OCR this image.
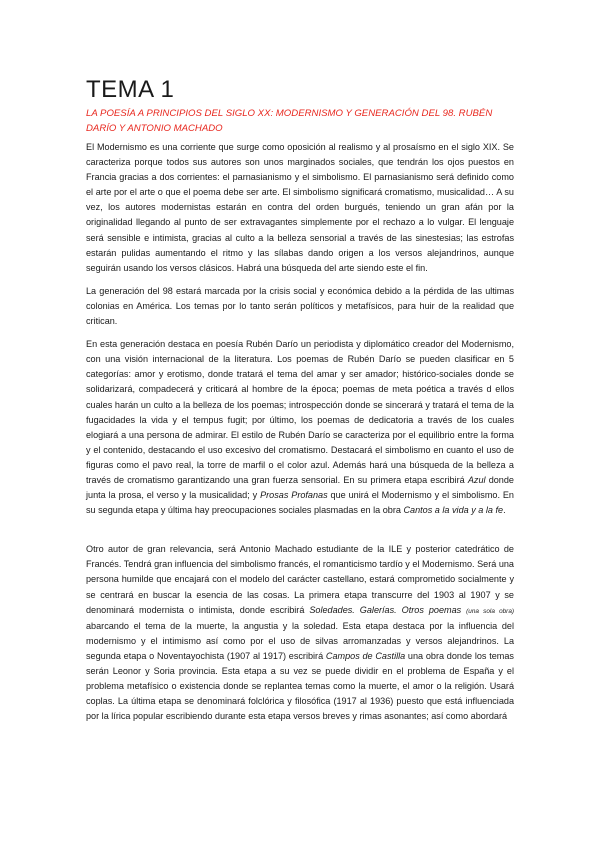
TEMA 1

LA POESÍA A PRINCIPIOS DEL SIGLO XX: MODERNISMO Y GENERACIÓN DEL 98. RUBÉN DARÍO Y ANTONIO MACHADO

El Modernismo es una corriente que surge como oposición al realismo y al prosaísmo en el siglo XIX. Se caracteriza porque todos sus autores son unos marginados sociales, que tendrán los ojos puestos en Francia gracias a dos corrientes: el parnasianismo y el simbolismo. El parnasianismo será definido como el arte por el arte o que el poema debe ser arte. El simbolismo significará cromatismo, musicalidad… A su vez, los autores modernistas estarán en contra del orden burgués, teniendo un gran afán por la originalidad llegando al punto de ser extravagantes simplemente por el rechazo a lo vulgar. El lenguaje será sensible e intimista, gracias al culto a la belleza sensorial a través de las sinestesias; las estrofas estarán pulidas aumentando el ritmo y las sílabas dando origen a los versos alejandrinos, aunque seguirán usando los versos clásicos. Habrá una búsqueda del arte siendo este el fin.

La generación del 98 estará marcada por la crisis social y económica debido a la pérdida de las ultimas colonias en América. Los temas por lo tanto serán políticos y metafísicos, para huir de la realidad que critican.

En esta generación destaca en poesía Rubén Darío un periodista y diplomático creador del Modernismo, con una visión internacional de la literatura. Los poemas de Rubén Darío se pueden clasificar en 5 categorías: amor y erotismo, donde tratará el tema del amar y ser amador; histórico-sociales donde se solidarizará, compadecerá y criticará al hombre de la época; poemas de meta poética a través d ellos cuales harán un culto a la belleza de los poemas; introspección donde se sincerará y tratará el tema de la fugacidades la vida y el tempus fugit; por último, los poemas de dedicatoria a través de los cuales elogiará a una persona de admirar. El estilo de Rubén Darío se caracteriza por el equilibrio entre la forma y el contenido, destacando el uso excesivo del cromatismo. Destacará el simbolismo en cuanto el uso de figuras como el pavo real, la torre de marfil o el color azul. Además hará una búsqueda de la belleza a través de cromatismo garantizando una gran fuerza sensorial. En su primera etapa escribirá Azul donde junta la prosa, el verso y la musicalidad; y Prosas Profanas que unirá el Modernismo y el simbolismo. En su segunda etapa y última hay preocupaciones sociales plasmadas en la obra Cantos a la vida y a la fe.

Otro autor de gran relevancia, será Antonio Machado estudiante de la ILE y posterior catedrático de Francés. Tendrá gran influencia del simbolismo francés, el romanticismo tardío y el Modernismo. Será una persona humilde que encajará con el modelo del carácter castellano, estará comprometido socialmente y se centrará en buscar la esencia de las cosas. La primera etapa transcurre del 1903 al 1907 y se denominará modernista o intimista, donde escribirá Soledades. Galerías. Otros poemas (una sola obra) abarcando el tema de la muerte, la angustia y la soledad. Esta etapa destaca por la influencia del modernismo y el intimismo así como por el uso de silvas arromanzadas y versos alejandrinos. La segunda etapa o Noventayochista (1907 al 1917) escribirá Campos de Castilla una obra donde los temas serán Leonor y Soria provincia. Esta etapa a su vez se puede dividir en el problema de España y el problema metafísico o existencia donde se replanteа temas como la muerte, el amor o la religión. Usará coplas. La última etapa se denominará folclórica y filosófica (1917 al 1936) puesto que está influenciada por la lírica popular escribiendo durante esta etapa versos breves y rimas asonantes; así como abordará
